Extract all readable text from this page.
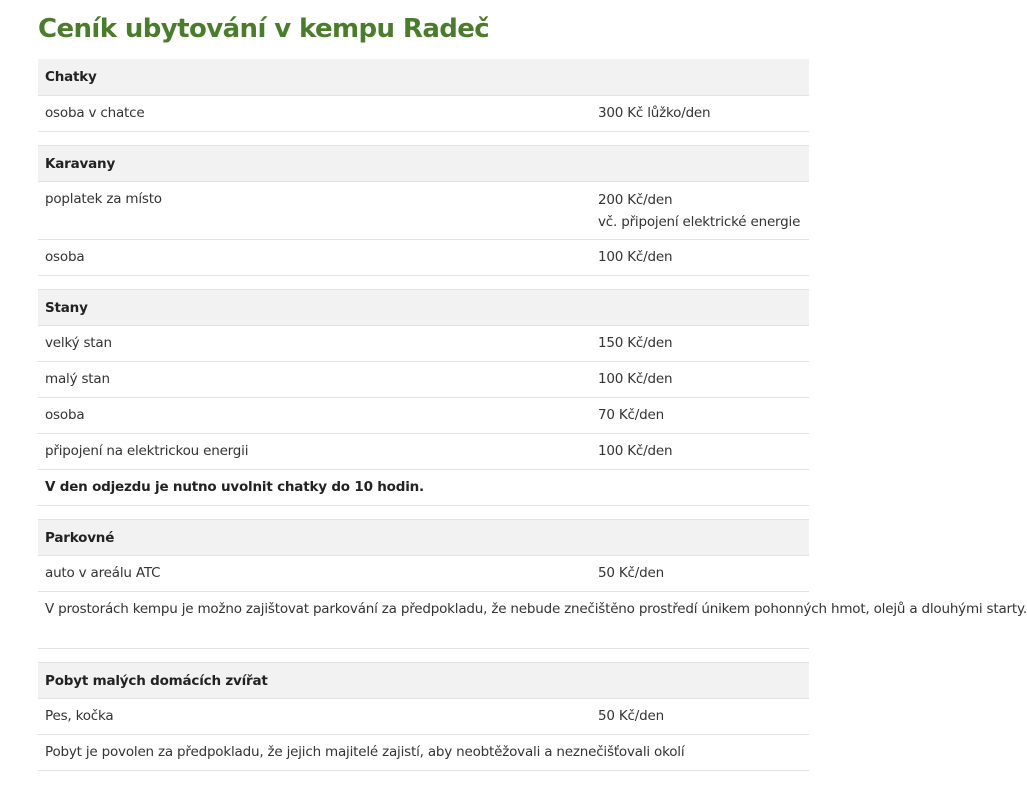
Ceník ubytování v kempu Radeč
Chatky	
osoba v chatce	300 Kč lůžko/den

Karavany	
poplatek za místo	200 Kč/den
vč. připojení elektrické energie

osoba	100 Kč/den

Stany	
velký stan	150 Kč/den
malý stan	100 Kč/den
osoba	70 Kč/den
připojení na elektrickou energii	100 Kč/den
V den odjezdu je nutno uvolnit chatky do 10 hodin.	

Parkovné	
auto v areálu ATC	50 Kč/den
V prostorách kempu je možno zajištovat parkování za předpokladu, že nebude znečištěno prostředí únikem pohonných hmot, olejů a dlouhými starty.	

Pobyt malých domácích zvířat	
Pes, kočka	50 Kč/den
Pobyt je povolen za předpokladu, že jejich majitelé zajistí, aby neobtěžovali a neznečišťovali okolí	
